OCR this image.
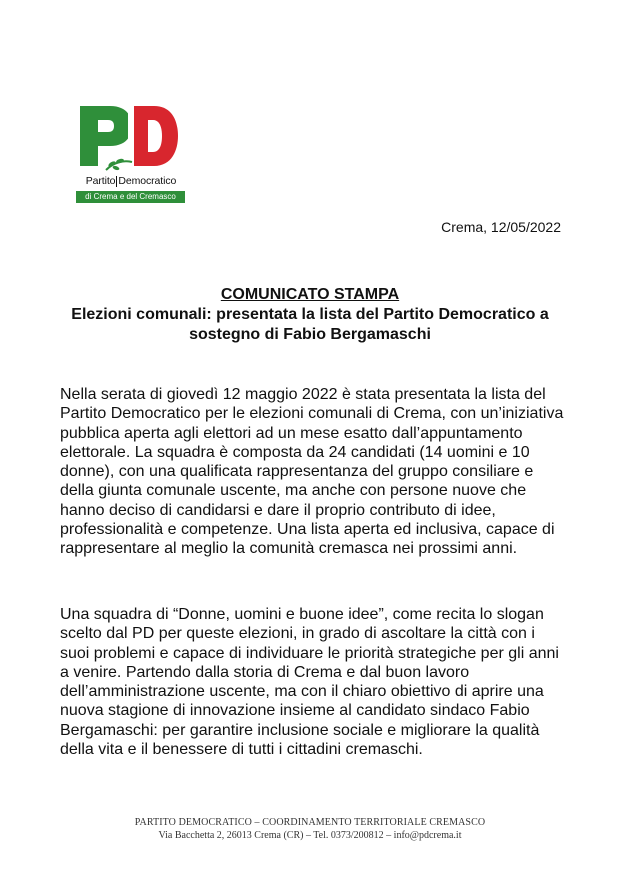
Partito Democratico
di Crema e del Cremasco
Crema, 12/05/2022

COMUNICATO STAMPA

Elezioni comunali: presentata la lista del Partito Democratico a sostegno di Fabio Bergamaschi

Nella serata di giovedì 12 maggio 2022 è stata presentata la lista del Partito Democratico per le elezioni comunali di Crema, con un’iniziativa pubblica aperta agli elettori ad un mese esatto dall’appuntamento elettorale. La squadra è composta da 24 candidati (14 uomini e 10 donne), con una qualificata rappresentanza del gruppo consiliare e della giunta comunale uscente, ma anche con persone nuove che hanno deciso di candidarsi e dare il proprio contributo di idee, professionalità e competenze. Una lista aperta ed inclusiva, capace di rappresentare al meglio la comunità cremasca nei prossimi anni.

Una squadra di “Donne, uomini e buone idee”, come recita lo slogan scelto dal PD per queste elezioni, in grado di ascoltare la città con i suoi problemi e capace di individuare le priorità strategiche per gli anni a venire. Partendo dalla storia di Crema e dal buon lavoro dell’amministrazione uscente, ma con il chiaro obiettivo di aprire una nuova stagione di innovazione insieme al candidato sindaco Fabio Bergamaschi: per garantire inclusione sociale e migliorare la qualità della vita e il benessere di tutti i cittadini cremaschi.

PARTITO DEMOCRATICO – COORDINAMENTO TERRITORIALE CREMASCO
Via Bacchetta 2, 26013 Crema (CR) – Tel. 0373/200812 – info@pdcrema.it
